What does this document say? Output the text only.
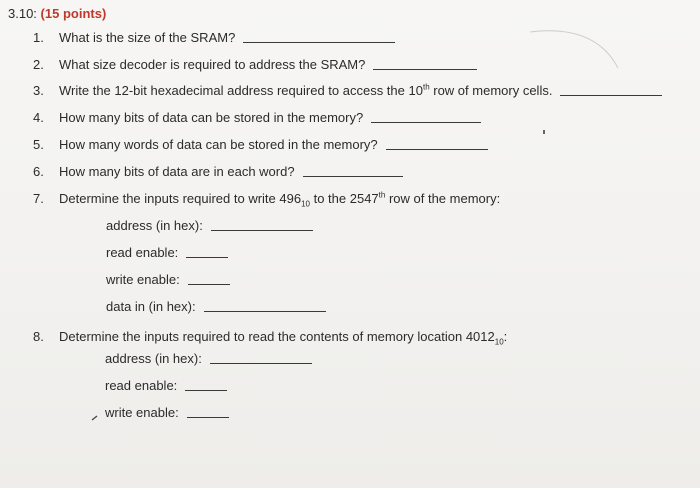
3.10: (15 points)
1.	What is the size of the SRAM?
2.	What size decoder is required to address the SRAM?
3.	Write the 12-bit hexadecimal address required to access the 10th row of memory cells.
4.	How many bits of data can be stored in the memory?
5.	How many words of data can be stored in the memory?
6.	How many bits of data are in each word?
7.	Determine the inputs required to write $496_{10}$ to the 2547th row of the memory:
address (in hex):
read enable:
write enable:
data in (in hex):
8.	Determine the inputs required to read the contents of memory location $4012_{10}$:
address (in hex):
read enable:
write enable:
